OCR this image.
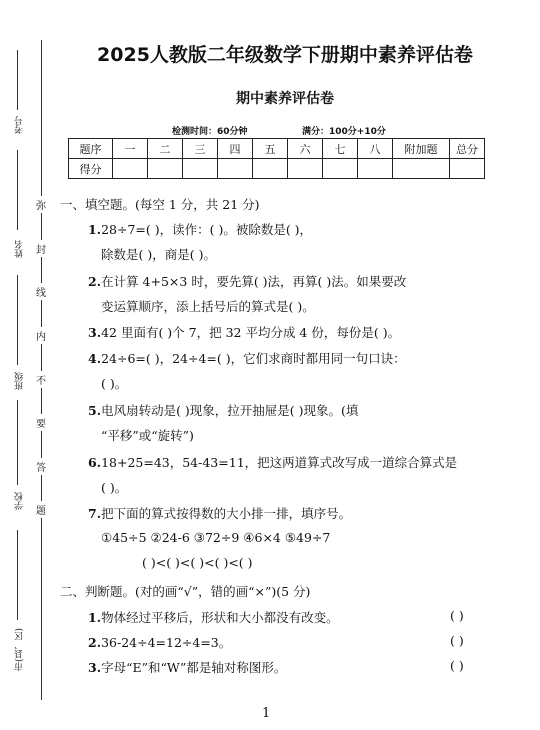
弥
封
线
内
不
要
答
题
考号
姓名
班级
学校
市(县、区)
2025人教版二年级数学下册期中素养评估卷
期中素养评估卷
检测时间：60分钟	满分：100分+10分
题序	一	二	三	四	五	六	七	八	附加题	总分
得分										
一、填空题。(每空 1 分，共 21 分)
1.28÷7=( )，读作：( )。被除数是( )，
除数是( )，商是( )。
2.在计算 4+5×3 时，要先算( )法，再算( )法。如果要改
变运算顺序，添上括号后的算式是( )。
3.42 里面有( )个 7，把 32 平均分成 4 份，每份是( )。
4.24÷6=( )，24÷4=( )，它们求商时都用同一句口诀：
( )。
5.电风扇转动是( )现象，拉开抽屉是( )现象。(填
“平移”或“旋转”)
6.18+25=43，54-43=11，把这两道算式改写成一道综合算式是
( )。
7.把下面的算式按得数的大小排一排，填序号。
①45÷5 ②24-6 ③72÷9 ④6×4 ⑤49÷7
( )<( )<( )<( )<( )
二、判断题。(对的画“√”，错的画“×”)(5 分)
1.物体经过平移后，形状和大小都没有改变。	( )
2.36-24÷4=12÷4=3。	( )
3.字母“E”和“W”都是轴对称图形。	( )
1
